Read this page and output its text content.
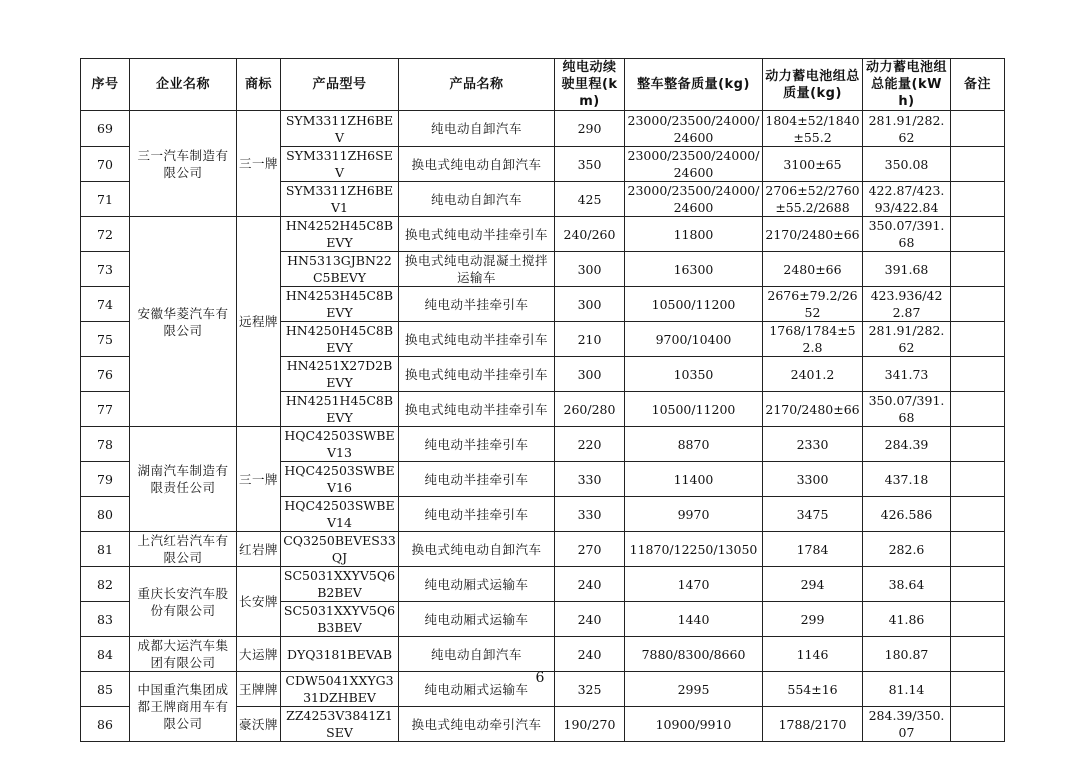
序号	企业名称	商标	产品型号	产品名称	纯电动续驶里程(km)	整车整备质量(kg)	动力蓄电池组总质量(kg)	动力蓄电池组总能量(kWh)	备注
69	三一汽车制造有限公司	三一牌	SYM3311ZH6BEV	纯电动自卸汽车	290	23000/23500/24000/24600	1804±52/1840±55.2	281.91/282.62	
70			SYM3311ZH6SEV	换电式纯电动自卸汽车	350	23000/23500/24000/24600	3100±65	350.08	
71			SYM3311ZH6BEV1	纯电动自卸汽车	425	23000/23500/24000/24600	2706±52/2760±55.2/2688	422.87/423.93/422.84	
72	安徽华菱汽车有限公司	远程牌	HN4252H45C8BEVY	换电式纯电动半挂牵引车	240/260	11800	2170/2480±66	350.07/391.68	
73			HN5313GJBN22C5BEVY	换电式纯电动混凝土搅拌运输车	300	16300	2480±66	391.68	
74			HN4253H45C8BEVY	纯电动半挂牵引车	300	10500/11200	2676±79.2/2652	423.936/422.87	
75			HN4250H45C8BEVY	换电式纯电动半挂牵引车	210	9700/10400	1768/1784±52.8	281.91/282.62	
76			HN4251X27D2BEVY	换电式纯电动半挂牵引车	300	10350	2401.2	341.73	
77			HN4251H45C8BEVY	换电式纯电动半挂牵引车	260/280	10500/11200	2170/2480±66	350.07/391.68	
78	湖南汽车制造有限责任公司	三一牌	HQC42503SWBEV13	纯电动半挂牵引车	220	8870	2330	284.39	
79			HQC42503SWBEV16	纯电动半挂牵引车	330	11400	3300	437.18	
80			HQC42503SWBEV14	纯电动半挂牵引车	330	9970	3475	426.586	
81	上汽红岩汽车有限公司	红岩牌	CQ3250BEVES33QJ	换电式纯电动自卸汽车	270	11870/12250/13050	1784	282.6	
82	重庆长安汽车股份有限公司	长安牌	SC5031XXYV5Q6B2BEV	纯电动厢式运输车	240	1470	294	38.64	
83			SC5031XXYV5Q6B3BEV	纯电动厢式运输车	240	1440	299	41.86	
84	成都大运汽车集团有限公司	大运牌	DYQ3181BEVAB	纯电动自卸汽车	240	7880/8300/8660	1146	180.87	
85	中国重汽集团成都王牌商用车有限公司	王牌牌	CDW5041XXYG331DZHBEV	纯电动厢式运输车	325	2995	554±16	81.14	
86		豪沃牌	ZZ4253V3841Z1SEV	换电式纯电动牵引汽车	190/270	10900/9910	1788/2170	284.39/350.07	
6
